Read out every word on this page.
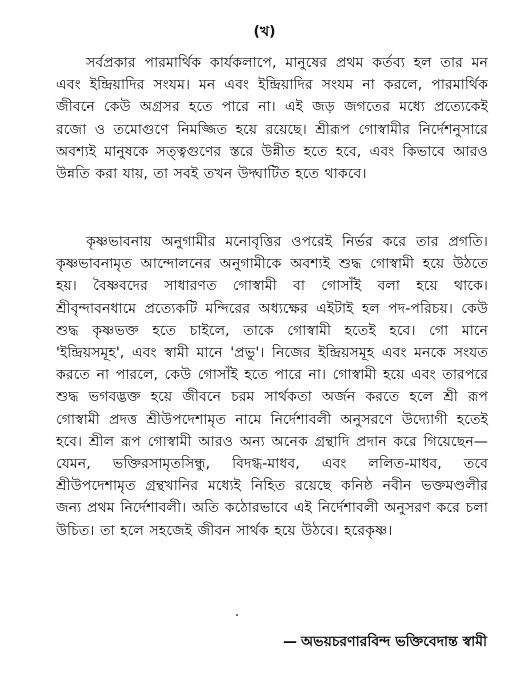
(খ)

সর্বপ্রকার পারমার্থিক কার্যকলাপে, মানুষের প্রথম কর্তব্য হল তার মন এবং ইন্দ্রিয়াদির সংযম। মন এবং ইন্দ্রিয়াদির সংযম না করলে, পারমার্থিক জীবনে কেউ অগ্রসর হতে পারে না। এই জড় জগতের মধ্যে প্রত্যেকেই রজো ও তমোগুণে নিমজ্জিত হয়ে রয়েছে। শ্রীরূপ গোস্বামীর নির্দেশনুসারে অবশ্যই মানুষকে সত্ত্বগুণের স্তরে উন্নীত হতে হবে, এবং কিভাবে আরও উন্নতি করা যায়, তা সবই তখন উদ্ঘাটিত হতে থাকবে।

কৃষ্ণভাবনায় অনুগামীর মনোবৃত্তির ওপরেই নির্ভর করে তার প্রগতি। কৃষ্ণভাবনামৃত আন্দোলনের অনুগামীকে অবশ্যই শুদ্ধ গোস্বামী হয়ে উঠতে হয়। বৈষ্ণবদের সাধারণত গোস্বামী বা গোসাঁই বলা হয়ে থাকে। শ্রীবৃন্দাবনধামে প্রত্যেকটি মন্দিরের অধ্যক্ষের এইটাই হল পদ-পরিচয়। কেউ শুদ্ধ কৃষ্ণভক্ত হতে চাইলে, তাকে গোস্বামী হতেই হবে। গো মানে 'ইন্দ্রিয়সমূহ', এবং স্বামী মানে 'প্রভু'। নিজের ইন্দ্রিয়সমূহ এবং মনকে সংযত করতে না পারলে, কেউ গোসাঁই হতে পারে না। গোস্বামী হয়ে এবং তারপরে শুদ্ধ ভগবদ্ভক্ত হয়ে জীবনে চরম সার্থকতা অর্জন করতে হলে শ্রী রূপ গোস্বামী প্রদত্ত শ্রীউপদেশামৃত নামে নির্দেশাবলী অনুসরণে উদ্যোগী হতেই হবে। শ্রীল রূপ গোস্বামী আরও অন্য অনেক গ্রন্থাদি প্রদান করে গিয়েছেন—যেমন, ভক্তিরসামৃতসিন্ধু, বিদগ্ধ-মাধব, এবং ললিত-মাধব, তবে শ্রীউপদেশামৃত গ্রন্থখানির মধ্যেই নিহিত রয়েছে কনিষ্ঠ নবীন ভক্তমণ্ডলীর জন্য প্রথম নির্দেশাবলী। অতি কঠোরভাবে এই নির্দেশাবলী অনুসরণ করে চলা উচিত। তা হলে সহজেই জীবন সার্থক হয়ে উঠবে। হরেকৃষ্ণ।

— অভয়চরণারবিন্দ ভক্তিবেদান্ত স্বামী
